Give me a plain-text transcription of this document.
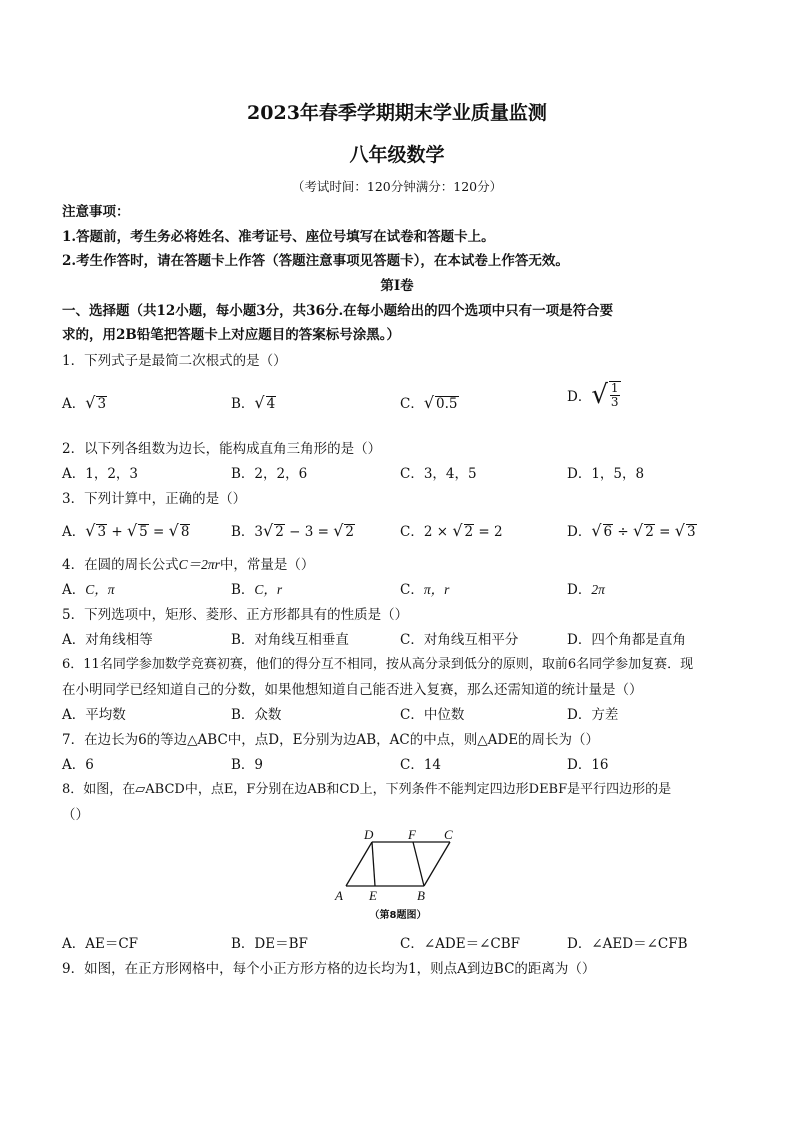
2023年春季学期期末学业质量监测
八年级数学
（考试时间：120分钟满分：120分）
注意事项：
1.答题前，考生务必将姓名、准考证号、座位号填写在试卷和答题卡上。
2.考生作答时，请在答题卡上作答（答题注意事项见答题卡），在本试卷上作答无效。
第Ⅰ卷
一、选择题（共12小题，每小题3分，共36分.在每小题给出的四个选项中只有一项是符合要
求的，用2B铅笔把答题卡上对应题目的答案标号涂黑。）
1．下列式子是最简二次根式的是（）
A．√ 3	B．√ 4	C．√ 0.5	D．√ $\frac{1}{3}$
2．以下列各组数为边长，能构成直角三角形的是（）
A．1，2，3	B．2，2，6	C．3，4，5	D．1，5，8
3．下列计算中，正确的是（）
A．√ 3 + √ 5 = √ 8	B．3√ 2 − 3 = √ 2	C．2 × √ 2 = 2	D．√ 6 ÷ √ 2 = √ 3
4．在圆的周长公式C＝2πr中，常量是（）
A．C，π	B．C，r	C．π，r	D．2π
5．下列选项中，矩形、菱形、正方形都具有的性质是（）
A．对角线相等	B．对角线互相垂直	C．对角线互相平分	D．四个角都是直角
6．11名同学参加数学竞赛初赛，他们的得分互不相同，按从高分录到低分的原则，取前6名同学参加复赛．现
在小明同学已经知道自己的分数，如果他想知道自己能否进入复赛，那么还需知道的统计量是（）
A．平均数	B．众数	C．中位数	D．方差
7．在边长为6的等边△ABC中，点D，E分别为边AB，AC的中点，则△ADE的周长为（）
A．6	B．9	C．14	D．16
8．如图，在▱ABCD中，点E，F分别在边AB和CD上，下列条件不能判定四边形DEBF是平行四边形的是
（）
D	F C
A E	B
（第8题图）
A．AE＝CF	B．DE＝BF	C．∠ADE＝∠CBF	D．∠AED＝∠CFB
9．如图，在正方形网格中，每个小正方形方格的边长均为1，则点A到边BC的距离为（）
